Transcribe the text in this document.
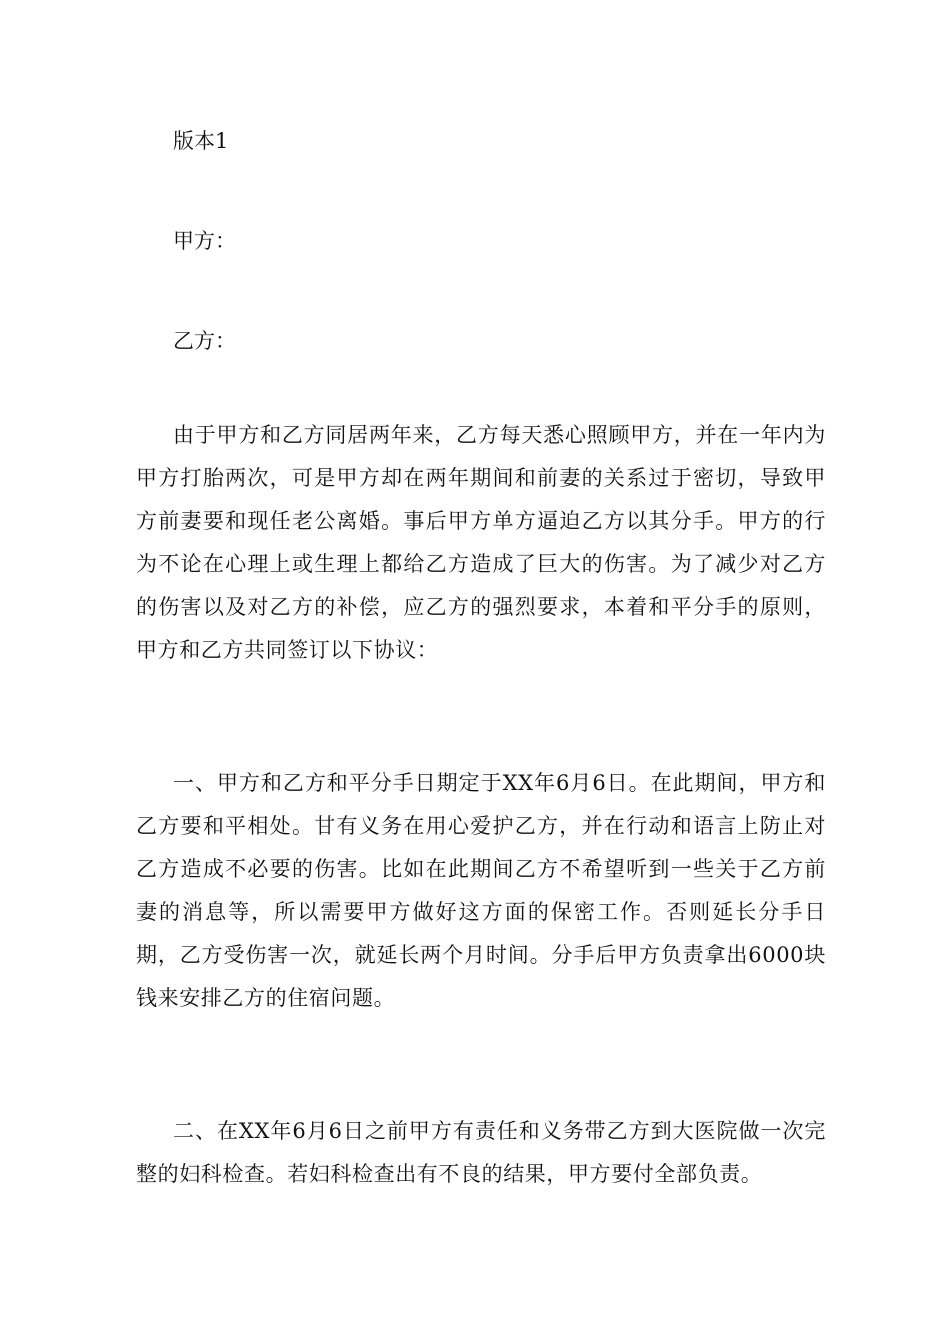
版本1
甲方：
乙方：

由于甲方和乙方同居两年来，乙方每天悉心照顾甲方，并在一年内为甲方打胎两次，可是甲方却在两年期间和前妻的关系过于密切，导致甲方前妻要和现任老公离婚。事后甲方单方逼迫乙方以其分手。甲方的行为不论在心理上或生理上都给乙方造成了巨大的伤害。为了减少对乙方的伤害以及对乙方的补偿，应乙方的强烈要求，本着和平分手的原则，甲方和乙方共同签订以下协议：

一、甲方和乙方和平分手日期定于XX年6月6日。在此期间，甲方和乙方要和平相处。甘有义务在用心爱护乙方，并在行动和语言上防止对乙方造成不必要的伤害。比如在此期间乙方不希望听到一些关于乙方前妻的消息等，所以需要甲方做好这方面的保密工作。否则延长分手日期，乙方受伤害一次，就延长两个月时间。分手后甲方负责拿出6000块钱来安排乙方的住宿问题。

二、在XX年6月6日之前甲方有责任和义务带乙方到大医院做一次完整的妇科检查。若妇科检查出有不良的结果，甲方要付全部负责。
